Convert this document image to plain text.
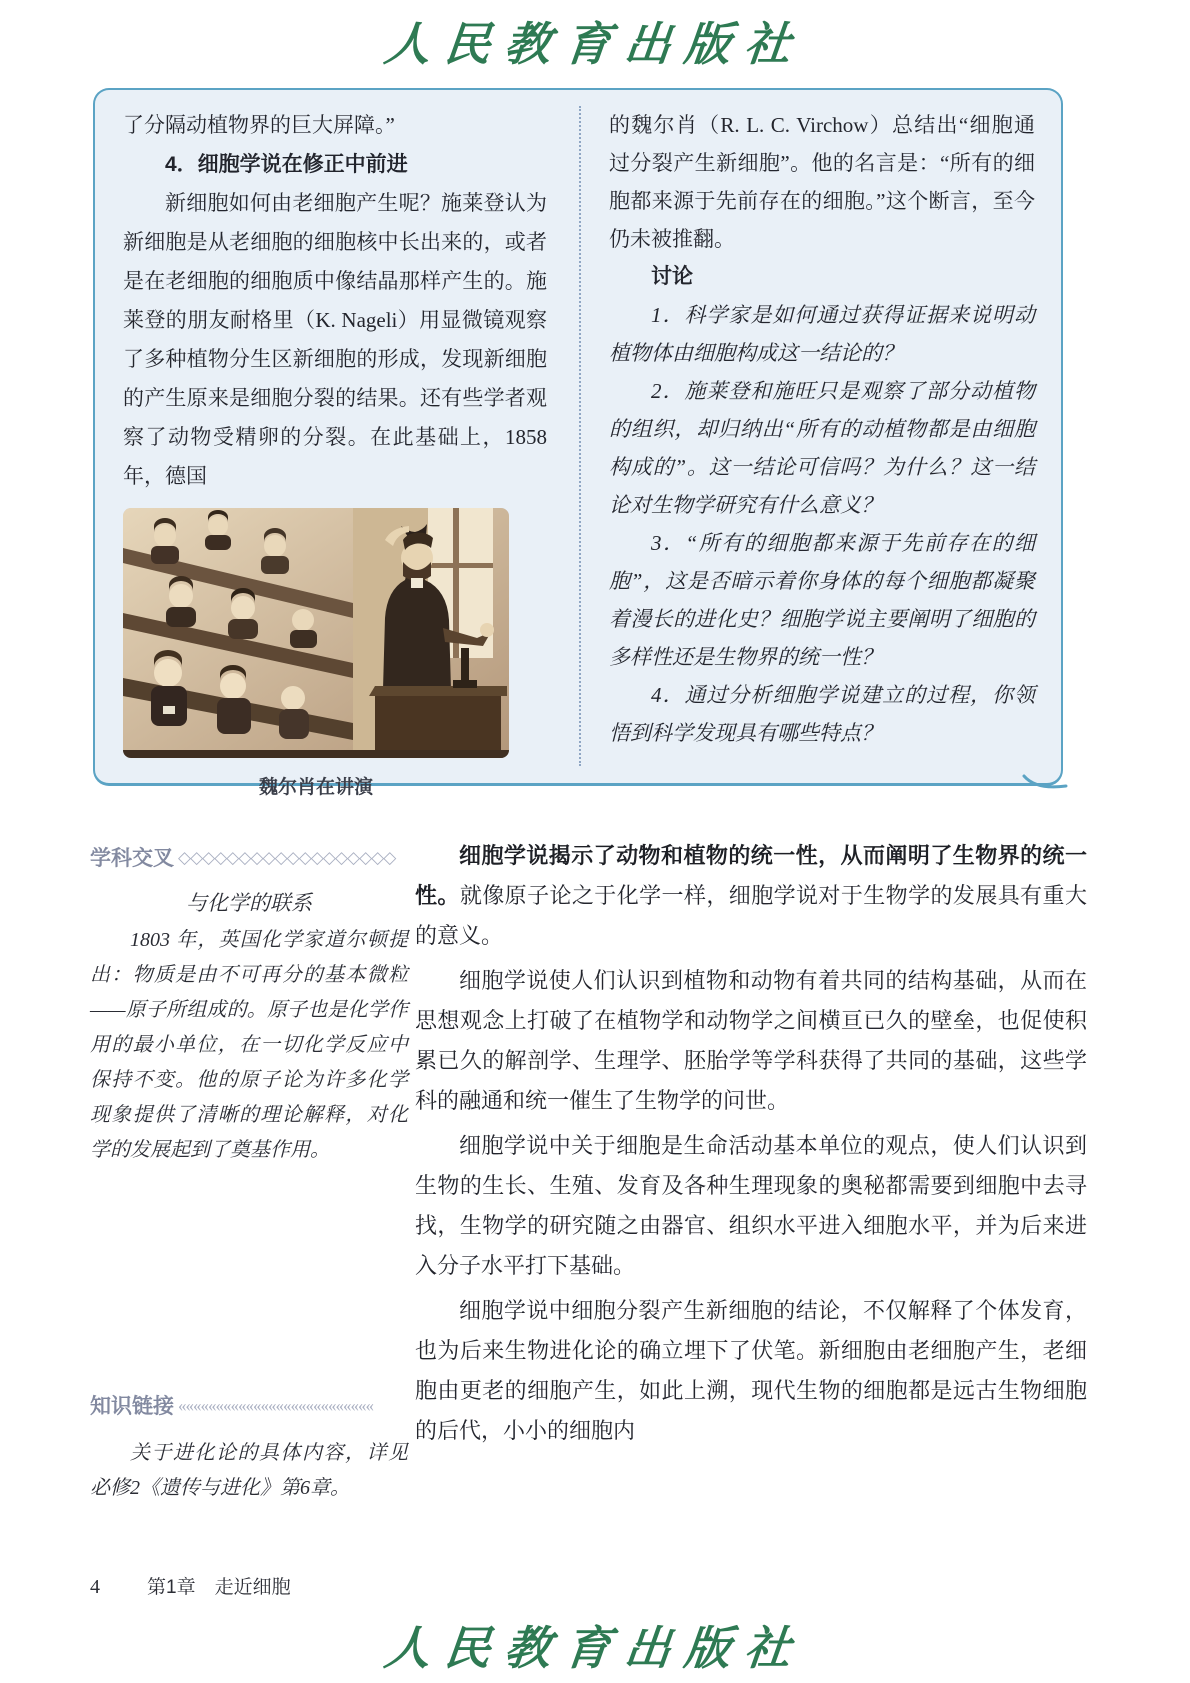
人民教育出版社

了分隔动植物界的巨大屏障。”

4．细胞学说在修正中前进

新细胞如何由老细胞产生呢？施莱登认为新细胞是从老细胞的细胞核中长出来的，或者是在老细胞的细胞质中像结晶那样产生的。施莱登的朋友耐格里（K. Nageli）用显微镜观察了多种植物分生区新细胞的形成，发现新细胞的产生原来是细胞分裂的结果。还有些学者观察了动物受精卵的分裂。在此基础上，1858 年，德国

魏尔肖在讲演

的魏尔肖（R. L. C. Virchow）总结出“细胞通过分裂产生新细胞”。他的名言是：“所有的细胞都来源于先前存在的细胞。”这个断言，至今仍未被推翻。

讨论

1．科学家是如何通过获得证据来说明动植物体由细胞构成这一结论的？

2．施莱登和施旺只是观察了部分动植物的组织，却归纳出“所有的动植物都是由细胞构成的”。这一结论可信吗？为什么？这一结论对生物学研究有什么意义？

3．“所有的细胞都来源于先前存在的细胞”，这是否暗示着你身体的每个细胞都凝聚着漫长的进化史？细胞学说主要阐明了细胞的多样性还是生物界的统一性？

4．通过分析细胞学说建立的过程，你领悟到科学发现具有哪些特点？

学科交叉 ◇◇◇◇◇◇◇◇◇◇◇◇◇◇◇◇◇◇

与化学的联系

1803 年，英国化学家道尔顿提出：物质是由不可再分的基本微粒——原子所组成的。原子也是化学作用的最小单位，在一切化学反应中保持不变。他的原子论为许多化学现象提供了清晰的理论解释，对化学的发展起到了奠基作用。

知识链接 ««««««««««««««««««««««««««

关于进化论的具体内容，详见必修2《遗传与进化》第6章。

细胞学说揭示了动物和植物的统一性，从而阐明了生物界的统一性。就像原子论之于化学一样，细胞学说对于生物学的发展具有重大的意义。

细胞学说使人们认识到植物和动物有着共同的结构基础，从而在思想观念上打破了在植物学和动物学之间横亘已久的壁垒，也促使积累已久的解剖学、生理学、胚胎学等学科获得了共同的基础，这些学科的融通和统一催生了生物学的问世。

细胞学说中关于细胞是生命活动基本单位的观点，使人们认识到生物的生长、生殖、发育及各种生理现象的奥秘都需要到细胞中去寻找，生物学的研究随之由器官、组织水平进入细胞水平，并为后来进入分子水平打下基础。

细胞学说中细胞分裂产生新细胞的结论，不仅解释了个体发育，也为后来生物进化论的确立埋下了伏笔。新细胞由老细胞产生，老细胞由更老的细胞产生，如此上溯，现代生物的细胞都是远古生物细胞的后代，小小的细胞内

4 第1章　走近细胞
人民教育出版社
